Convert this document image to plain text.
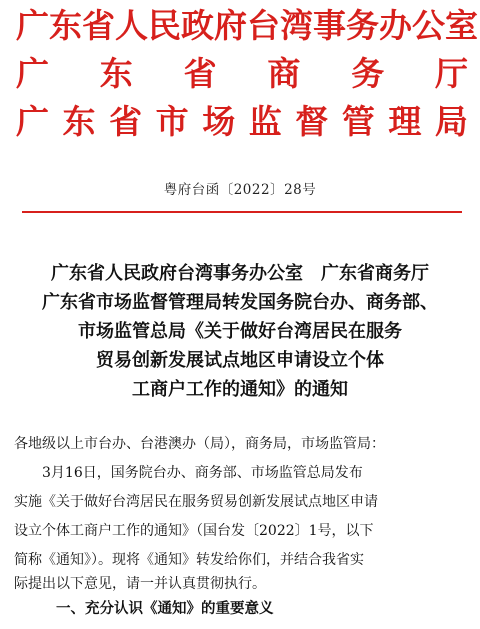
广 东 省 人 民 政 府 台 湾 事 务 办 公 室
广 东 省 商 务 厅
广 东 省 市 场 监 督 管 理 局
粤府台函〔2022〕28号
广东省人民政府台湾事务办公室　广东省商务厅
广东省市场监督管理局转发国务院台办、商务部、
市场监管总局《关于做好台湾居民在服务
贸易创新发展试点地区申请设立个体
工商户工作的通知》的通知
各地级以上市台办、台港澳办（局），商务局，市场监管局：
3月16日，国务院台办、商务部、市场监管总局发布
实施《关于做好台湾居民在服务贸易创新发展试点地区申请
设立个体工商户工作的通知》（国台发〔2022〕1号，以下
简称《通知》）。现将《通知》转发给你们，并结合我省实
际提出以下意见，请一并认真贯彻执行。
一、充分认识《通知》的重要意义
